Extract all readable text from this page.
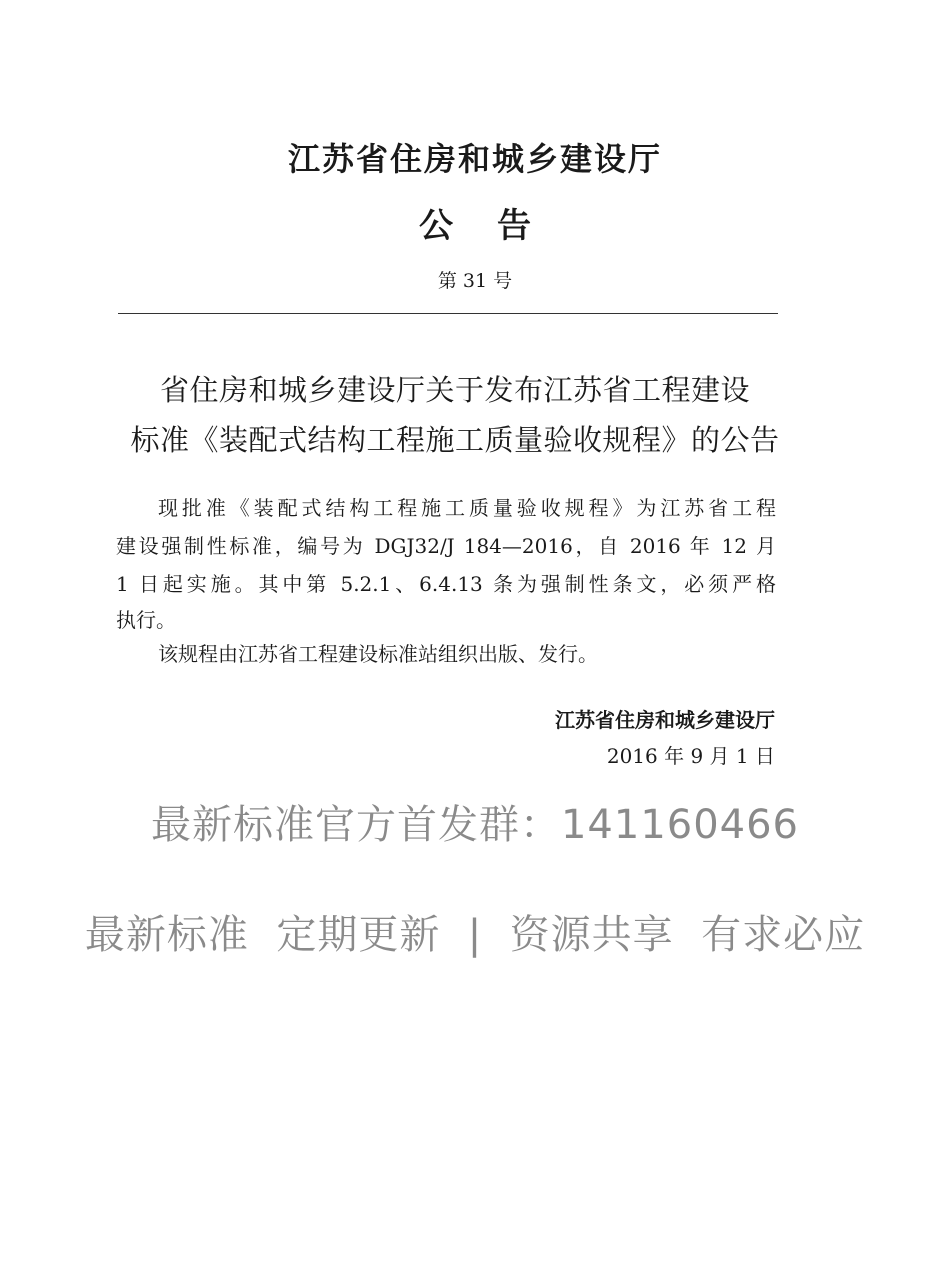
江苏省住房和城乡建设厅
公告
第 31 号
省住房和城乡建设厅关于发布江苏省工程建设
标准《装配式结构工程施工质量验收规程》的公告
现批准《装配式结构工程施工质量验收规程》为江苏省工程
建设强制性标准，编号为 DGJ32/J 184—2016，自 2016 年 12 月
1 日起实施。其中第 5.2.1、6.4.13 条为强制性条文，必须严格
执行。
该规程由江苏省工程建设标准站组织出版、发行。
江苏省住房和城乡建设厅
2016 年 9 月 1 日
最新标准官方首发群：141160466
最新标准  定期更新  |  资源共享  有求必应
